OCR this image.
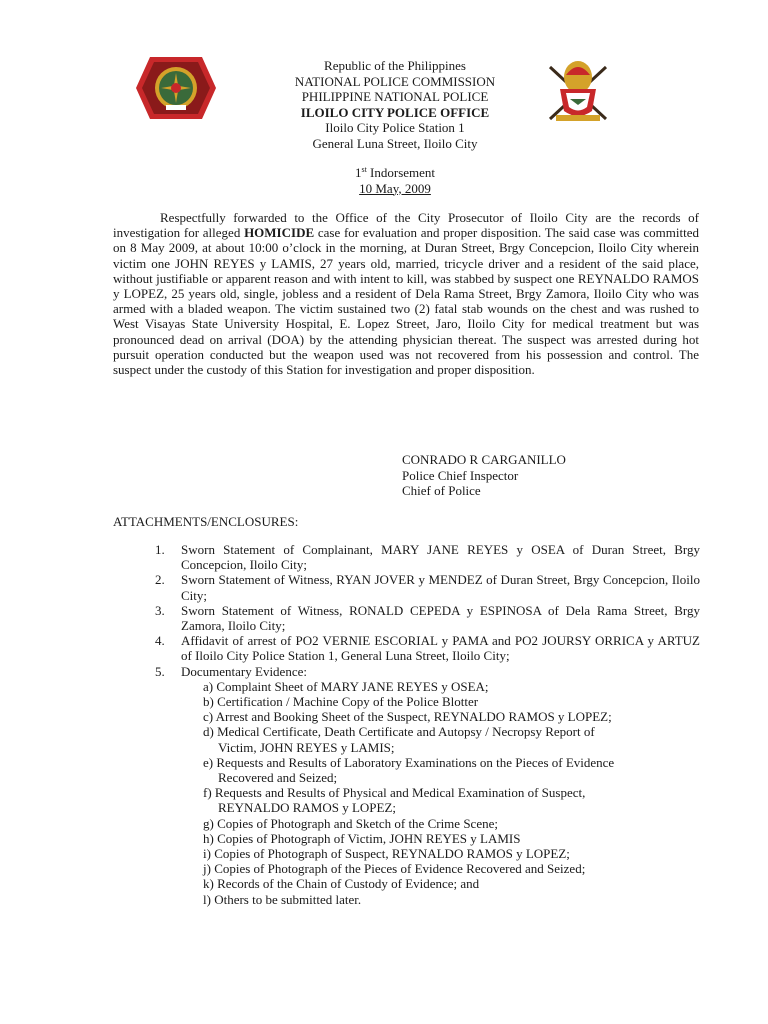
Republic of the Philippines
NATIONAL POLICE COMMISSION
PHILIPPINE NATIONAL POLICE
ILOILO CITY POLICE OFFICE
Iloilo City Police Station 1
General Luna Street, Iloilo City
1st Indorsement
10 May, 2009

Respectfully forwarded to the Office of the City Prosecutor of Iloilo City are the records of investigation for alleged HOMICIDE case for evaluation and proper disposition. The said case was committed on 8 May 2009, at about 10:00 o’clock in the morning, at Duran Street, Brgy Concepcion, Iloilo City wherein victim one JOHN REYES y LAMIS, 27 years old, married, tricycle driver and a resident of the said place, without justifiable or apparent reason and with intent to kill, was stabbed by suspect one REYNALDO RAMOS y LOPEZ, 25 years old, single, jobless and a resident of Dela Rama Street, Brgy Zamora, Iloilo City who was armed with a bladed weapon. The victim sustained two (2) fatal stab wounds on the chest and was rushed to West Visayas State University Hospital, E. Lopez Street, Jaro, Iloilo City for medical treatment but was pronounced dead on arrival (DOA) by the attending physician thereat. The suspect was arrested during hot pursuit operation conducted but the weapon used was not recovered from his possession and control. The suspect under the custody of this Station for investigation and proper disposition.

CONRADO R CARGANILLO
Police Chief Inspector
Chief of Police
ATTACHMENTS/ENCLOSURES:
1. Sworn Statement of Complainant, MARY JANE REYES y OSEA of Duran Street, Brgy Concepcion, Iloilo City;
2. Sworn Statement of Witness, RYAN JOVER y MENDEZ of Duran Street, Brgy Concepcion, Iloilo City;
3. Sworn Statement of Witness, RONALD CEPEDA y ESPINOSA of Dela Rama Street, Brgy Zamora, Iloilo City;
4. Affidavit of arrest of PO2 VERNIE ESCORIAL y PAMA and PO2 JOURSY ORRICA y ARTUZ of Iloilo City Police Station 1, General Luna Street, Iloilo City;
5. Documentary Evidence:
a) Complaint Sheet of MARY JANE REYES y OSEA;
b) Certification / Machine Copy of the Police Blotter
c) Arrest and Booking Sheet of the Suspect, REYNALDO RAMOS y LOPEZ;
d) Medical Certificate, Death Certificate and Autopsy / Necropsy Report of
Victim, JOHN REYES y LAMIS;
e) Requests and Results of Laboratory Examinations on the Pieces of Evidence
Recovered and Seized;
f) Requests and Results of Physical and Medical Examination of Suspect,
REYNALDO RAMOS y LOPEZ;
g) Copies of Photograph and Sketch of the Crime Scene;
h) Copies of Photograph of Victim, JOHN REYES y LAMIS
i) Copies of Photograph of Suspect, REYNALDO RAMOS y LOPEZ;
j) Copies of Photograph of the Pieces of Evidence Recovered and Seized;
k) Records of the Chain of Custody of Evidence; and
l) Others to be submitted later.
